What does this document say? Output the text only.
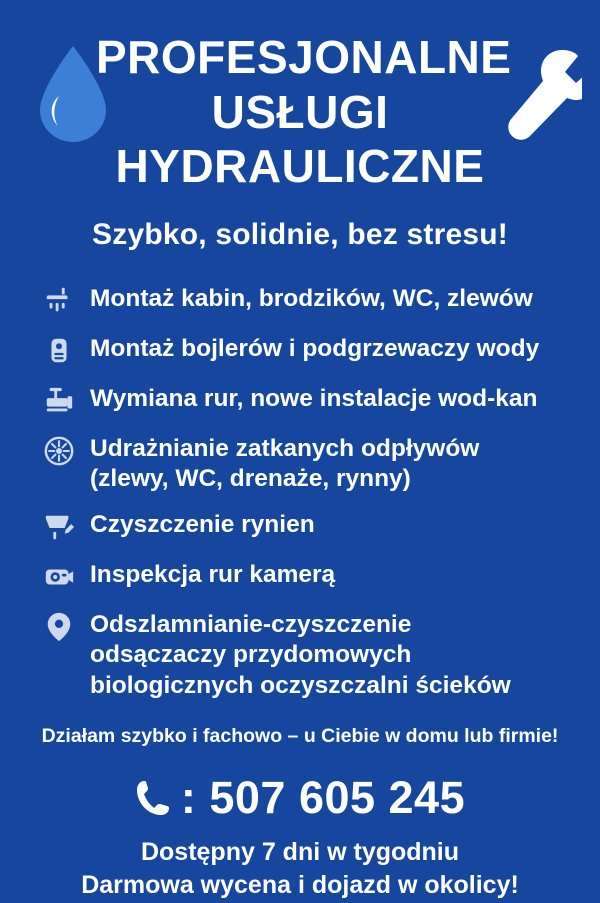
PROFESJONALNE
USŁUGI
HYDRAULICZNE
Szybko, solidnie, bez stresu!
Montaż kabin, brodzików, WC, zlewów
Montaż bojlerów i podgrzewaczy wody
Wymiana rur, nowe instalacje wod-kan
Udrażnianie zatkanych odpływów
(zlewy, WC, drenaże, rynny)
Czyszczenie rynien
Inspekcja rur kamerą
Odszlamnianie-czyszczenie
odsączaczy przydomowych
biologicznych oczyszczalni ścieków
Działam szybko i fachowo – u Ciebie w domu lub firmie!
: 507 605 245
Dostępny 7 dni w tygodniu
Darmowa wycena i dojazd w okolicy!
